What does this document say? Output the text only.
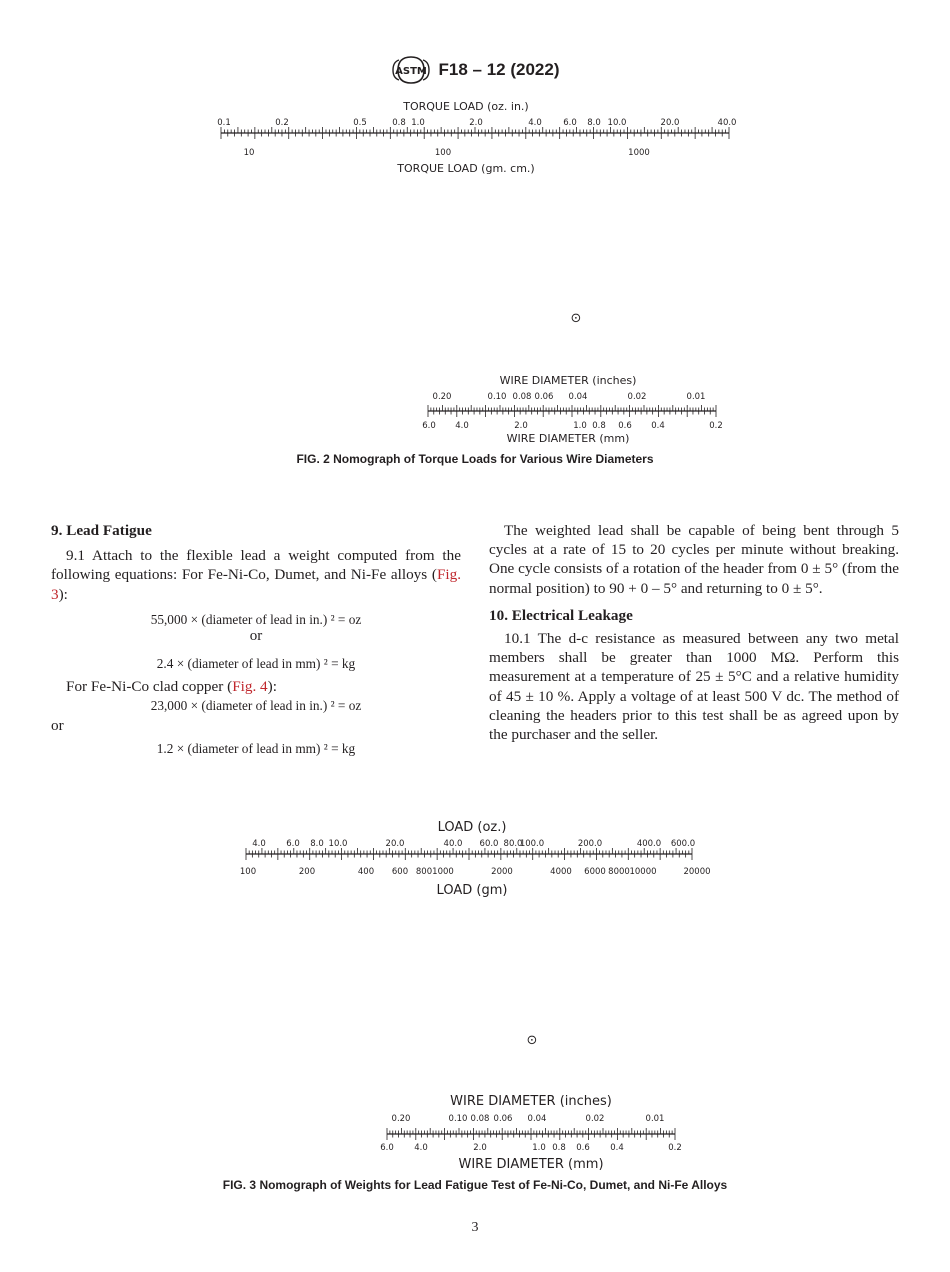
ASTM F18 – 12 (2022)
TORQUE LOAD (oz. in.)
0.1	0.2	0.5	0.8 1.0	2.0	4.0	6.0 8.0 10.0	20.0	40.0
10	100	1000
TORQUE LOAD (gm. cm.)
⊙
WIRE DIAMETER (inches)
0.20	0.10 0.08 0.06 0.04	0.02	0.01
6.0 4.0	2.0	1.0 0.8 0.6 0.4	0.2
WIRE DIAMETER (mm)
FIG. 2 Nomograph of Torque Loads for Various Wire Diameters

9. Lead Fatigue

9.1 Attach to the flexible lead a weight computed from the following equations: For Fe-Ni-Co, Dumet, and Ni-Fe alloys (Fig. 3):

55,000 × (diameter of lead in in.) ² = oz

or

2.4 × (diameter of lead in mm) ² = kg

For Fe-Ni-Co clad copper (Fig. 4):

23,000 × (diameter of lead in in.) ² = oz

or

1.2 × (diameter of lead in mm) ² = kg

The weighted lead shall be capable of being bent through 5 cycles at a rate of 15 to 20 cycles per minute without breaking. One cycle consists of a rotation of the header from 0 ± 5° (from the normal position) to 90 + 0 – 5° and returning to 0 ± 5°.

10. Electrical Leakage

10.1 The d-c resistance as measured between any two metal members shall be greater than 1000 MΩ. Perform this measurement at a temperature of 25 ± 5°C and a relative humidity of 45 ± 10 %. Apply a voltage of at least 500 V dc. The method of cleaning the headers prior to this test shall be as agreed upon by the purchaser and the seller.

LOAD (oz.)
4.0 6.0 8.0 10.0	20.0	40.0 60.0 80.0
100.0	200.0	400.0 600.0
100	200	400 600 800 1000	2000	4000 6000 8000 10000	20000
LOAD (gm)
⊙
WIRE DIAMETER (inches)
0.20	0.10 0.08 0.06 0.04	0.02	0.01
6.0 4.0	2.0	1.0 0.8 0.6 0.4	0.2
WIRE DIAMETER (mm)
FIG. 3 Nomograph of Weights for Lead Fatigue Test of Fe-Ni-Co, Dumet, and Ni-Fe Alloys
3
